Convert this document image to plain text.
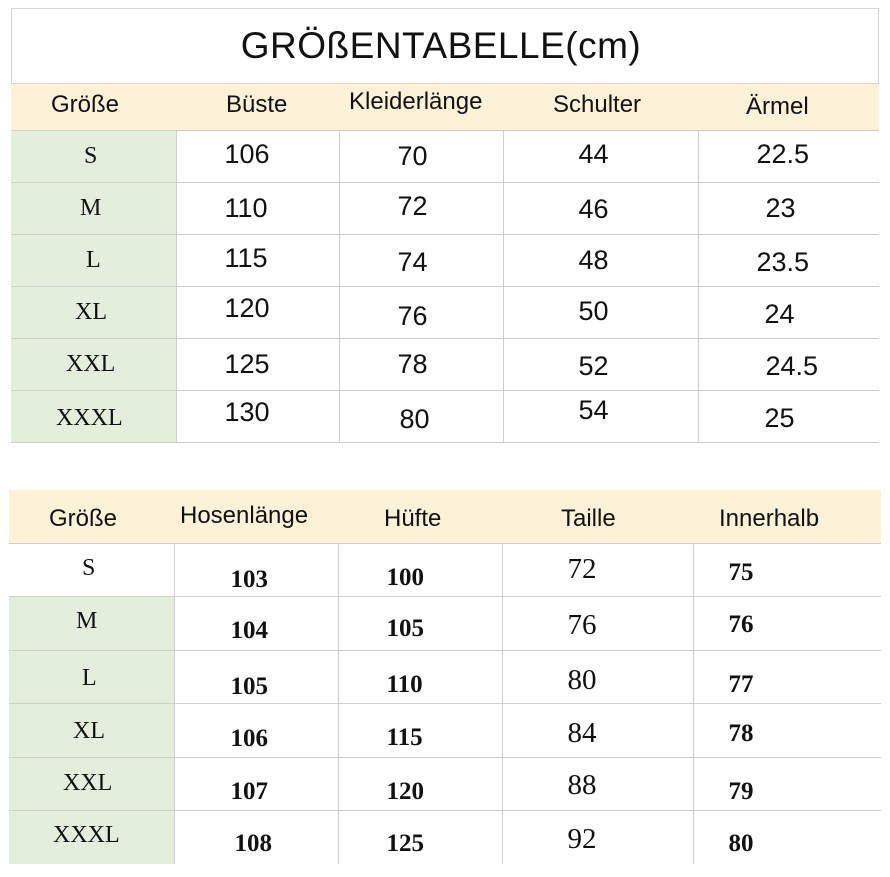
GRÖßENTABELLE(cm)
Größe	Büste	Kleiderlänge	Schulter	Ärmel

S	106	70	44	22.5

M	110	72	46	23

L	115	74	48	23.5

XL	120	76	50	24

XXL	125	78	52	24.5

XXXL	130	80	54	25
Größe	Hosenlänge	Hüfte	Taille	Innerhalb

S	103	100	72	75

M	104	105	76	76

L	105	110	80	77

XL	106	115	84	78

XXL	107	120	88	79

XXXL	108	125	92	80
